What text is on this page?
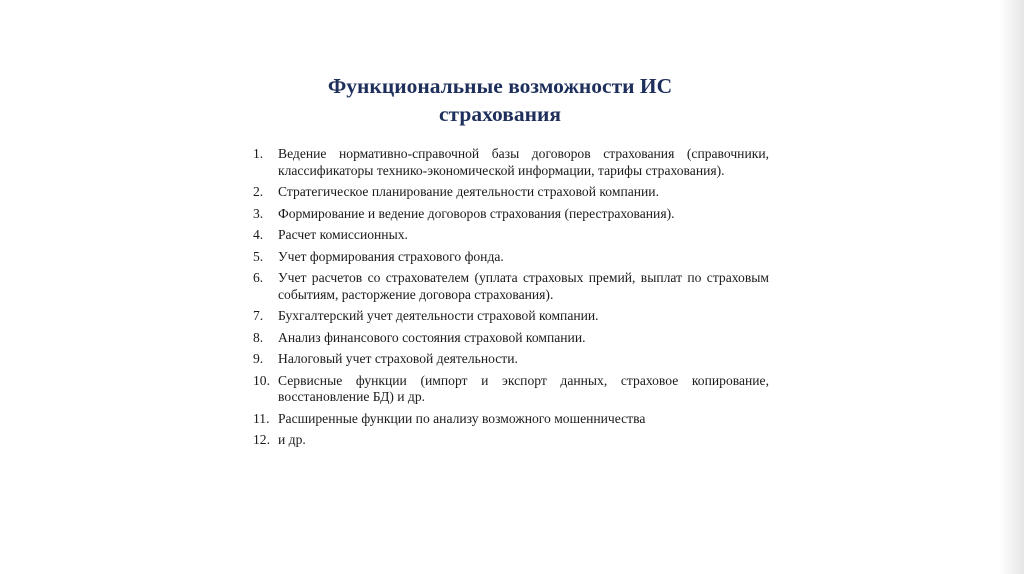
Функциональные возможности ИС
страхования
1. Ведение нормативно-справочной базы договоров страхования (справочники, классификаторы технико-экономической информации, тарифы страхования).
2. Стратегическое планирование деятельности страховой компании.
3. Формирование и ведение договоров страхования (перестрахования).
4. Расчет комиссионных.
5. Учет формирования страхового фонда.
6. Учет расчетов со страхователем (уплата страховых премий, выплат по страховым событиям, расторжение договора страхования).
7. Бухгалтерский учет деятельности страховой компании.
8. Анализ финансового состояния страховой компании.
9. Налоговый учет страховой деятельности.
10. Сервисные функции (импорт и экспорт данных, страховое копирование, восстановление БД) и др.
11. Расширенные функции по анализу возможного мошенничества
12. и др.
